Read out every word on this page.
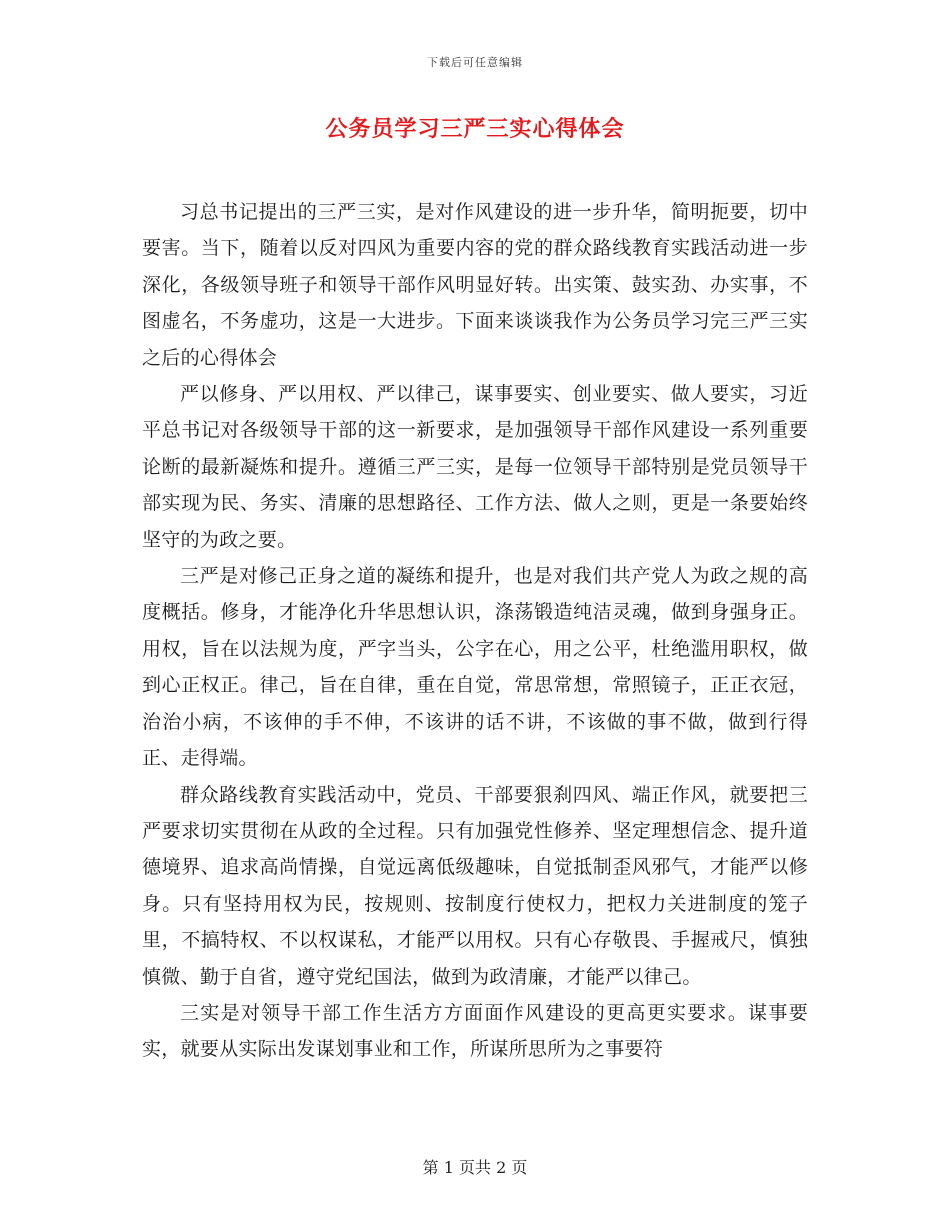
下载后可任意编辑
公务员学习三严三实心得体会

习总书记提出的三严三实，是对作风建设的进一步升华，简明扼要，切中要害。当下，随着以反对四风为重要内容的党的群众路线教育实践活动进一步深化，各级领导班子和领导干部作风明显好转。出实策、鼓实劲、办实事，不图虚名，不务虚功，这是一大进步。下面来谈谈我作为公务员学习完三严三实之后的心得体会

严以修身、严以用权、严以律己，谋事要实、创业要实、做人要实，习近平总书记对各级领导干部的这一新要求，是加强领导干部作风建设一系列重要论断的最新凝炼和提升。遵循三严三实，是每一位领导干部特别是党员领导干部实现为民、务实、清廉的思想路径、工作方法、做人之则，更是一条要始终坚守的为政之要。

三严是对修己正身之道的凝练和提升，也是对我们共产党人为政之规的高度概括。修身，才能净化升华思想认识，涤荡锻造纯洁灵魂，做到身强身正。用权，旨在以法规为度，严字当头，公字在心，用之公平，杜绝滥用职权，做到心正权正。律己，旨在自律，重在自觉，常思常想，常照镜子，正正衣冠，治治小病，不该伸的手不伸，不该讲的话不讲，不该做的事不做，做到行得正、走得端。

群众路线教育实践活动中，党员、干部要狠刹四风、端正作风，就要把三严要求切实贯彻在从政的全过程。只有加强党性修养、坚定理想信念、提升道德境界、追求高尚情操，自觉远离低级趣味，自觉抵制歪风邪气，才能严以修身。只有坚持用权为民，按规则、按制度行使权力，把权力关进制度的笼子里，不搞特权、不以权谋私，才能严以用权。只有心存敬畏、手握戒尺，慎独慎微、勤于自省，遵守党纪国法，做到为政清廉，才能严以律己。

三实是对领导干部工作生活方方面面作风建设的更高更实要求。谋事要实，就要从实际出发谋划事业和工作，所谋所思所为之事要符

第 1 页共 2 页
